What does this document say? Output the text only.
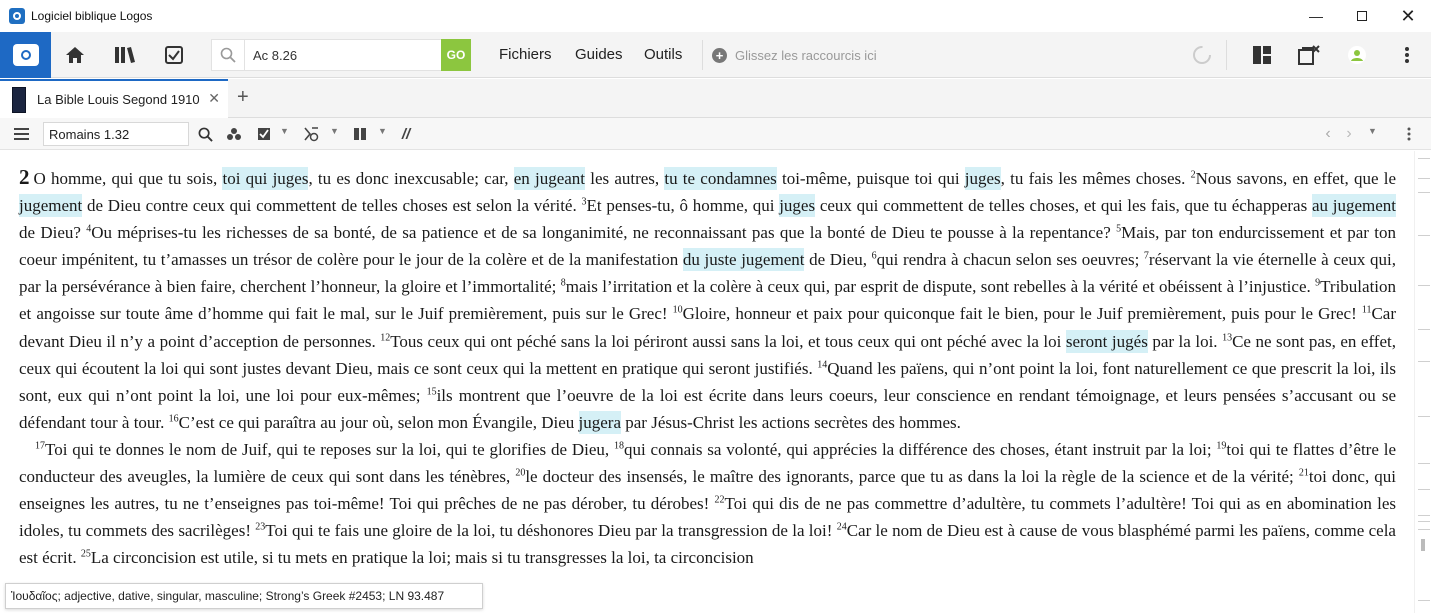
Logiciel biblique Logos	—	✕
Ac 8.26
GO	Fichiers Guides Outils	+ Glissez les raccourcis ici
La Bible Louis Segond 1910 ✕ +
Romains 1.32
▼	▼	▼ //	‹ ›	▼

2 O homme, qui que tu sois, toi qui juges, tu es donc inexcusable; car, en jugeant les autres, tu te condamnes toi-même, puisque toi qui juges, tu fais les mêmes choses. $^2$Nous savons, en effet, que le jugement de Dieu contre ceux qui commettent de telles choses est selon la vérité. $^3$Et penses-tu, ô homme, qui juges ceux qui commettent de telles choses, et qui les fais, que tu échapperas au jugement de Dieu? $^4$Ou méprises-tu les richesses de sa bonté, de sa patience et de sa longanimité, ne reconnaissant pas que la bonté de Dieu te pousse à la repentance? $^5$Mais, par ton endurcissement et par ton coeur impénitent, tu t’amasses un trésor de colère pour le jour de la colère et de la manifestation du juste jugement de Dieu, $^6$qui rendra à chacun selon ses oeuvres; $^7$réservant la vie éternelle à ceux qui, par la persévérance à bien faire, cherchent l’honneur, la gloire et l’immortalité; $^8$mais l’irritation et la colère à ceux qui, par esprit de dispute, sont rebelles à la vérité et obéissent à l’injustice. $^9$Tribulation et angoisse sur toute âme d’homme qui fait le mal, sur le Juif premièrement, puis sur le Grec! $^{10}$Gloire, honneur et paix pour quiconque fait le bien, pour le Juif premièrement, puis pour le Grec! $^{11}$Car devant Dieu il n’y a point d’acception de personnes. $^{12}$Tous ceux qui ont péché sans la loi périront aussi sans la loi, et tous ceux qui ont péché avec la loi seront jugés par la loi. $^{13}$Ce ne sont pas, en effet, ceux qui écoutent la loi qui sont justes devant Dieu, mais ce sont ceux qui la mettent en pratique qui seront justifiés. $^{14}$Quand les païens, qui n’ont point la loi, font naturellement ce que prescrit la loi, ils sont, eux qui n’ont point la loi, une loi pour eux-mêmes; $^{15}$ils montrent que l’oeuvre de la loi est écrite dans leurs coeurs, leur conscience en rendant témoignage, et leurs pensées s’accusant ou se défendant tour à tour. $^{16}$C’est ce qui paraîtra au jour où, selon mon Évangile, Dieu jugera par Jésus-Christ les actions secrètes des hommes.

$^{17}$Toi qui te donnes le nom de Juif, qui te reposes sur la loi, qui te glorifies de Dieu, $^{18}$qui connais sa volonté, qui apprécies la différence des choses, étant instruit par la loi; $^{19}$toi qui te flattes d’être le conducteur des aveugles, la lumière de ceux qui sont dans les ténèbres, $^{20}$le docteur des insensés, le maître des ignorants, parce que tu as dans la loi la règle de la science et de la vérité; $^{21}$toi donc, qui enseignes les autres, tu ne t’enseignes pas toi-même! Toi qui prêches de ne pas dérober, tu dérobes! $^{22}$Toi qui dis de ne pas commettre d’adultère, tu commets l’adultère! Toi qui as en abomination les idoles, tu commets des sacrilèges! $^{23}$Toi qui te fais une gloire de la loi, tu déshonores Dieu par la transgression de la loi! $^{24}$Car le nom de Dieu est à cause de vous blasphémé parmi les païens, comme cela est écrit. $^{25}$La circoncision est utile, si tu mets en pratique la loi; mais si tu transgresses la loi, ta circoncision

Ἰουδαῖος; adjective, dative, singular, masculine; Strong’s Greek #2453; LN 93.487
